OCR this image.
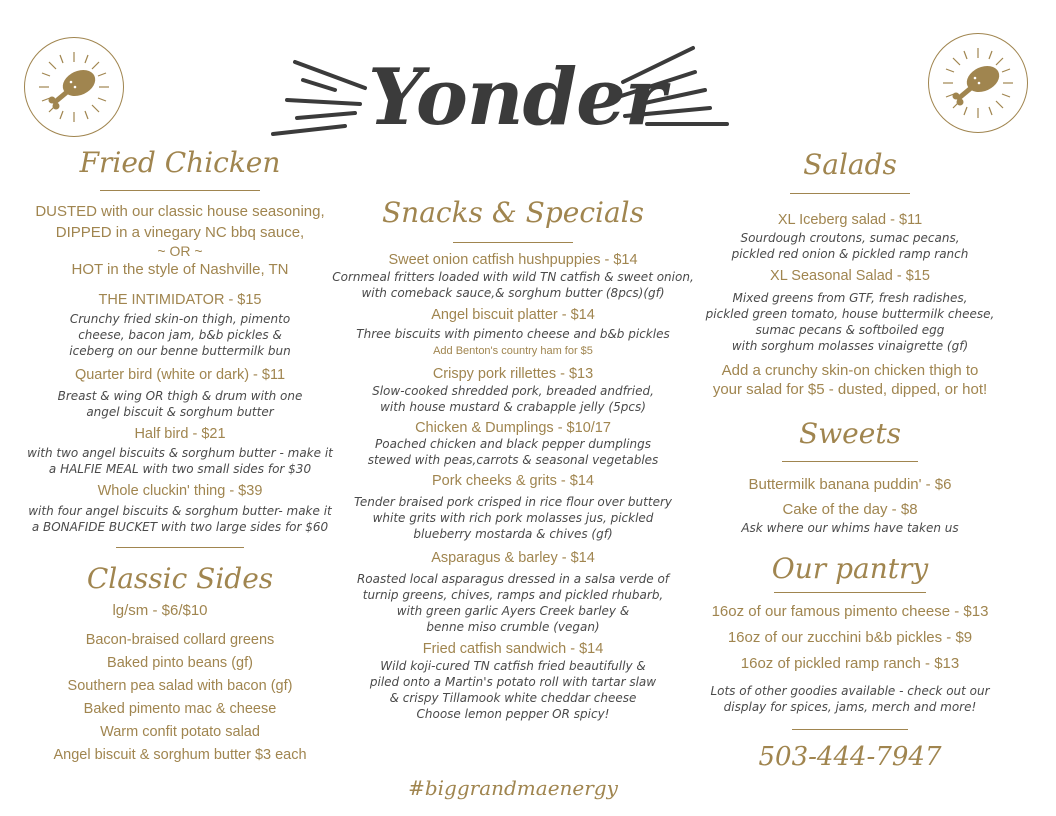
Yonder
Fried Chicken
DUSTED with our classic house seasoning,
DIPPED in a vinegary NC bbq sauce,
~ OR ~
HOT in the style of Nashville, TN
THE INTIMIDATOR - $15
Crunchy fried skin-on thigh, pimento
cheese, bacon jam, b&b pickles &
iceberg on our benne buttermilk bun
Quarter bird (white or dark) - $11
Breast & wing OR thigh & drum with one
angel biscuit & sorghum butter
Half bird - $21
with two angel biscuits & sorghum butter - make it
a HALFIE MEAL with two small sides for $30
Whole cluckin' thing - $39
with four angel biscuits & sorghum butter- make it
a BONAFIDE BUCKET with two large sides for $60
Classic Sides
lg/sm - $6/$10
Bacon-braised collard greens
Baked pinto beans (gf)
Southern pea salad with bacon (gf)
Baked pimento mac & cheese
Warm confit potato salad
Angel biscuit & sorghum butter $3 each
Snacks & Specials
Sweet onion catfish hushpuppies - $14
Cornmeal fritters loaded with wild TN catfish & sweet onion,
with comeback sauce,& sorghum butter (8pcs)(gf)
Angel biscuit platter - $14
Three biscuits with pimento cheese and b&b pickles
Add Benton's country ham for $5
Crispy pork rillettes - $13
Slow-cooked shredded pork, breaded andfried,
with house mustard & crabapple jelly (5pcs)
Chicken & Dumplings - $10/17
Poached chicken and black pepper dumplings
stewed with peas,carrots & seasonal vegetables
Pork cheeks & grits - $14
Tender braised pork crisped in rice flour over buttery
white grits with rich pork molasses jus, pickled
blueberry mostarda & chives (gf)
Asparagus & barley - $14
Roasted local asparagus dressed in a salsa verde of
turnip greens, chives, ramps and pickled rhubarb,
with green garlic Ayers Creek barley &
benne miso crumble (vegan)
Fried catfish sandwich - $14
Wild koji-cured TN catfish fried beautifully &
piled onto a Martin's potato roll with tartar slaw
& crispy Tillamook white cheddar cheese
Choose lemon pepper OR spicy!
#biggrandmaenergy
Salads
XL Iceberg salad - $11
Sourdough croutons, sumac pecans,
pickled red onion & pickled ramp ranch
XL Seasonal Salad - $15
Mixed greens from GTF, fresh radishes,
pickled green tomato, house buttermilk cheese,
sumac pecans & softboiled egg
with sorghum molasses vinaigrette (gf)
Add a crunchy skin-on chicken thigh to
your salad for $5 - dusted, dipped, or hot!
Sweets
Buttermilk banana puddin' - $6
Cake of the day - $8
Ask where our whims have taken us
Our pantry
16oz of our famous pimento cheese - $13
16oz of our zucchini b&b pickles - $9
16oz of pickled ramp ranch - $13
Lots of other goodies available - check out our
display for spices, jams, merch and more!
503-444-7947
